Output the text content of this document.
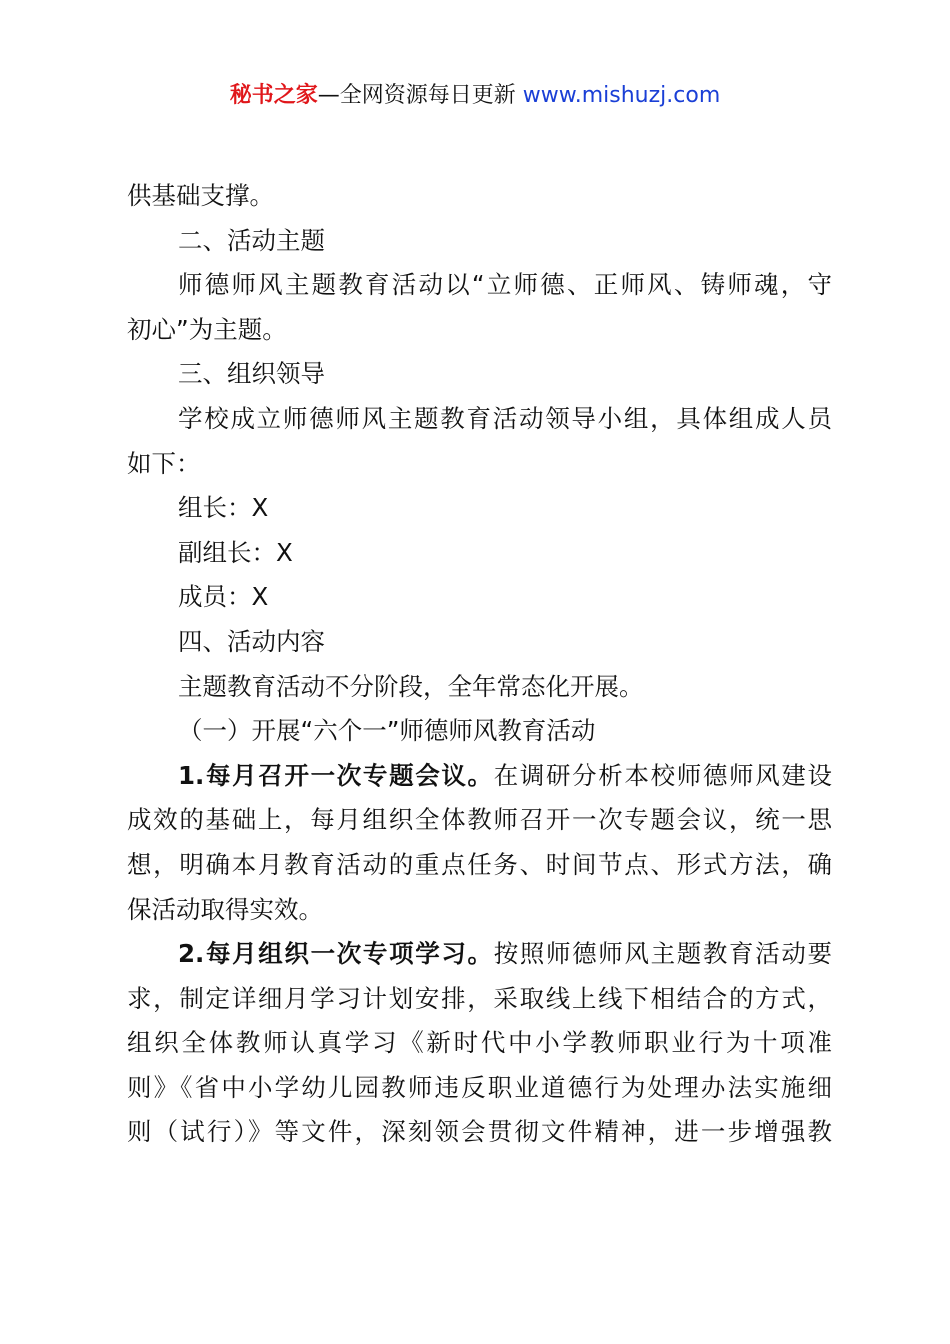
秘书之家—全网资源每日更新 www.mishuzj.com
供基础支撑。
二、活动主题
师德师风主题教育活动以“立师德、正师风、铸师魂，守
初心”为主题。
三、组织领导
学校成立师德师风主题教育活动领导小组，具体组成人员
如下：
组长：X
副组长：X
成员：X
四、活动内容
主题教育活动不分阶段，全年常态化开展。
（一）开展“六个一”师德师风教育活动
1.每月召开一次专题会议。在调研分析本校师德师风建设
成效的基础上，每月组织全体教师召开一次专题会议，统一思
想，明确本月教育活动的重点任务、时间节点、形式方法，确
保活动取得实效。
2.每月组织一次专项学习。按照师德师风主题教育活动要
求，制定详细月学习计划安排，采取线上线下相结合的方式，
组织全体教师认真学习《新时代中小学教师职业行为十项准
则》《省中小学幼儿园教师违反职业道德行为处理办法实施细
则（试行）》等文件，深刻领会贯彻文件精神，进一步增强教
